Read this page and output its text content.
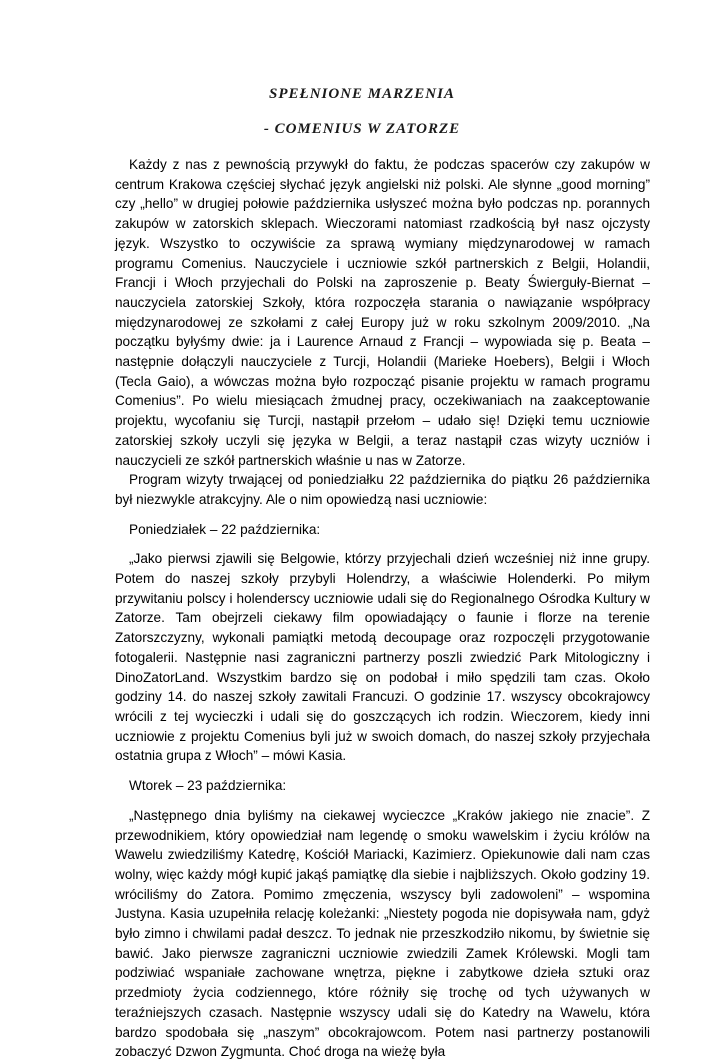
SPEŁNIONE MARZENIA
- COMENIUS W ZATORZE

Każdy z nas z pewnością przywykł do faktu, że podczas spacerów czy zakupów w centrum Krakowa częściej słychać język angielski niż polski. Ale słynne „good morning” czy „hello” w drugiej połowie października usłyszeć można było podczas np. porannych zakupów w zatorskich sklepach. Wieczorami natomiast rzadkością był nasz ojczysty język. Wszystko to oczywiście za sprawą wymiany międzynarodowej w ramach programu Comenius. Nauczyciele i uczniowie szkół partnerskich z Belgii, Holandii, Francji i Włoch przyjechali do Polski na zaproszenie p. Beaty Świerguły-Biernat – nauczyciela zatorskiej Szkoły, która rozpoczęła starania o nawiązanie współpracy międzynarodowej ze szkołami z całej Europy już w roku szkolnym 2009/2010. „Na początku byłyśmy dwie: ja i Laurence Arnaud z Francji – wypowiada się p. Beata – następnie dołączyli nauczyciele z Turcji, Holandii (Marieke Hoebers), Belgii i Włoch (Tecla Gaio), a wówczas można było rozpocząć pisanie projektu w ramach programu Comenius”. Po wielu miesiącach żmudnej pracy, oczekiwaniach na zaakceptowanie projektu, wycofaniu się Turcji, nastąpił przełom – udało się! Dzięki temu uczniowie zatorskiej szkoły uczyli się języka w Belgii, a teraz nastąpił czas wizyty uczniów i nauczycieli ze szkół partnerskich właśnie u nas w Zatorze.

Program wizyty trwającej od poniedziałku 22 października do piątku 26 października był niezwykle atrakcyjny. Ale o nim opowiedzą nasi uczniowie:

Poniedziałek – 22 października:

„Jako pierwsi zjawili się Belgowie, którzy przyjechali dzień wcześniej niż inne grupy. Potem do naszej szkoły przybyli Holendrzy, a właściwie Holenderki. Po miłym przywitaniu polscy i holenderscy uczniowie udali się do Regionalnego Ośrodka Kultury w Zatorze. Tam obejrzeli ciekawy film opowiadający o faunie i florze na terenie Zatorszczyzny, wykonali pamiątki metodą decoupage oraz rozpoczęli przygotowanie fotogalerii. Następnie nasi zagraniczni partnerzy poszli zwiedzić Park Mitologiczny i DinoZatorLand. Wszystkim bardzo się on podobał i miło spędzili tam czas. Około godziny 14. do naszej szkoły zawitali Francuzi. O godzinie 17. wszyscy obcokrajowcy wrócili z tej wycieczki i udali się do goszczących ich rodzin. Wieczorem, kiedy inni uczniowie z projektu Comenius byli już w swoich domach, do naszej szkoły przyjechała ostatnia grupa z Włoch” – mówi Kasia.

Wtorek – 23 października:

„Następnego dnia byliśmy na ciekawej wycieczce „Kraków jakiego nie znacie”. Z przewodnikiem, który opowiedział nam legendę o smoku wawelskim i życiu królów na Wawelu zwiedziliśmy Katedrę, Kościół Mariacki, Kazimierz. Opiekunowie dali nam czas wolny, więc każdy mógł kupić jakąś pamiątkę dla siebie i najbliższych. Około godziny 19. wróciliśmy do Zatora. Pomimo zmęczenia, wszyscy byli zadowoleni” – wspomina Justyna. Kasia uzupełniła relację koleżanki: „Niestety pogoda nie dopisywała nam, gdyż było zimno i chwilami padał deszcz. To jednak nie przeszkodziło nikomu, by świetnie się bawić. Jako pierwsze zagraniczni uczniowie zwiedzili Zamek Królewski. Mogli tam podziwiać wspaniałe zachowane wnętrza, piękne i zabytkowe dzieła sztuki oraz przedmioty życia codziennego, które różniły się trochę od tych używanych w teraźniejszych czasach. Następnie wszyscy udali się do Katedry na Wawelu, która bardzo spodobała się „naszym” obcokrajowcom. Potem nasi partnerzy postanowili zobaczyć Dzwon Zygmunta. Choć droga na wieżę była
